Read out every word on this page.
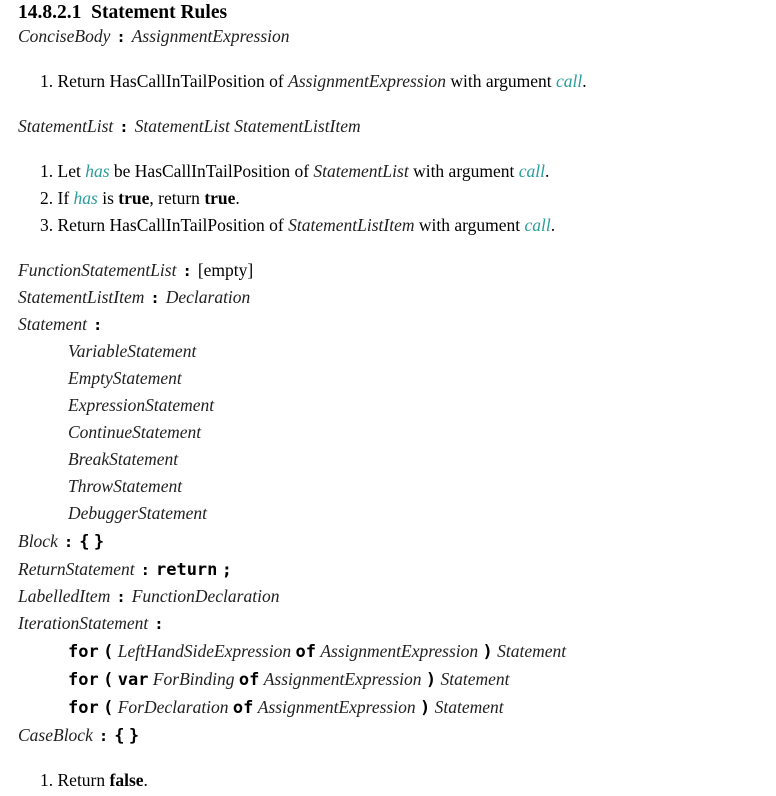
14.8.2.1 Statement Rules
ConciseBody : AssignmentExpression
1. Return HasCallInTailPosition of AssignmentExpression with argument call.
StatementList : StatementList StatementListItem
1. Let has be HasCallInTailPosition of StatementList with argument call.
2. If has is true, return true.
3. Return HasCallInTailPosition of StatementListItem with argument call.
FunctionStatementList : [empty]
StatementListItem : Declaration
Statement :
VariableStatement
EmptyStatement
ExpressionStatement
ContinueStatement
BreakStatement
ThrowStatement
DebuggerStatement
Block : { }
ReturnStatement : return ;
LabelledItem : FunctionDeclaration
IterationStatement :
for ( LeftHandSideExpression of AssignmentExpression ) Statement
for ( var ForBinding of AssignmentExpression ) Statement
for ( ForDeclaration of AssignmentExpression ) Statement
CaseBlock : { }
1. Return false.
